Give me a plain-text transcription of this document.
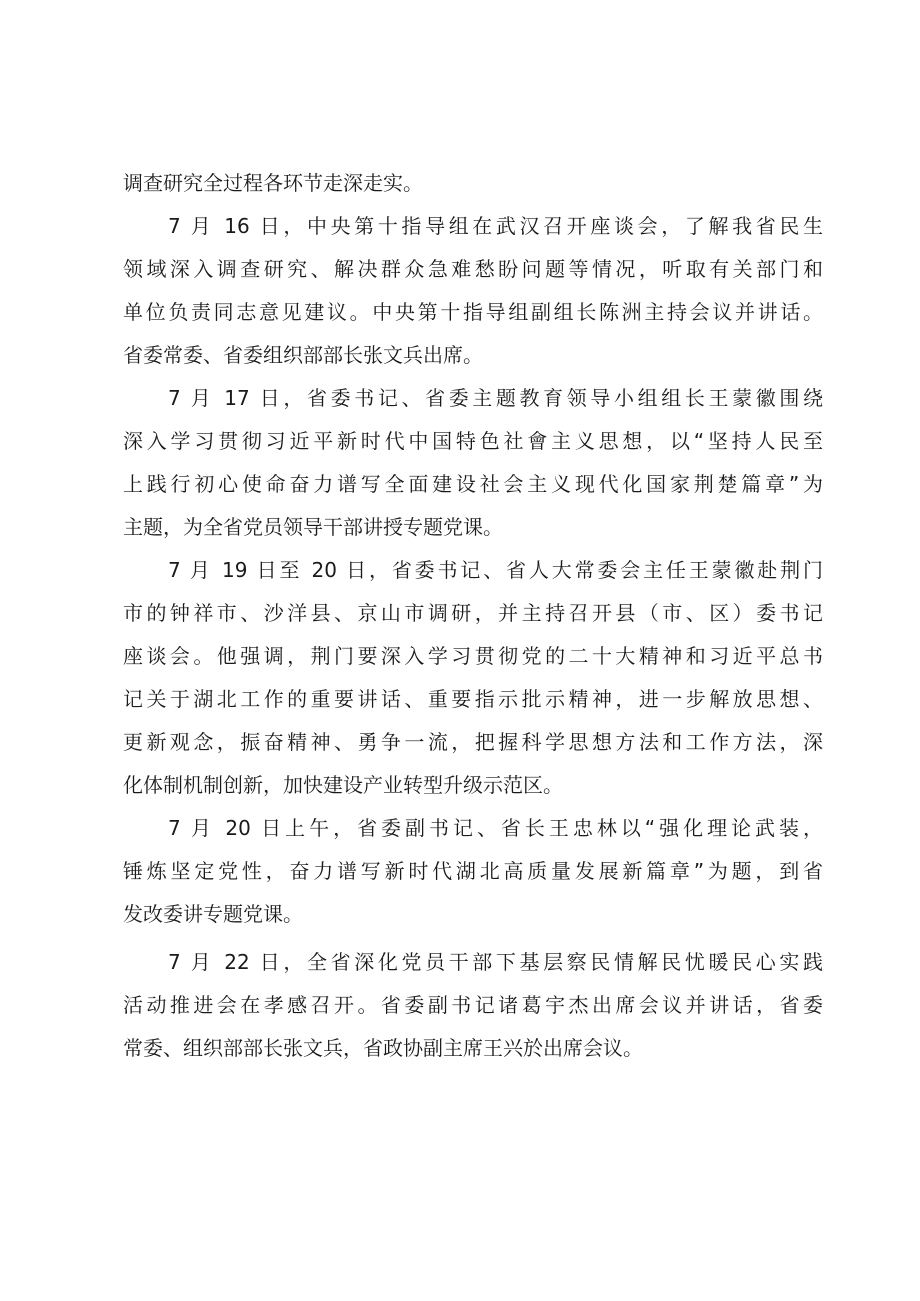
调查研究全过程各环节走深走实。
7 月 16 日，中央第十指导组在武汉召开座谈会，了解我省民生
领域深入调查研究、解决群众急难愁盼问题等情况，听取有关部门和
单位负责同志意见建议。中央第十指导组副组长陈洲主持会议并讲话。
省委常委、省委组织部部长张文兵出席。
7 月 17 日，省委书记、省委主题教育领导小组组长王蒙徽围绕
深入学习贯彻习近平新时代中国特色社會主义思想，以“坚持人民至
上践行初心使命奋力谱写全面建设社会主义现代化国家荆楚篇章”为
主题，为全省党员领导干部讲授专题党课。
7 月 19 日至 20 日，省委书记、省人大常委会主任王蒙徽赴荆门
市的钟祥市、沙洋县、京山市调研，并主持召开县（市、区）委书记
座谈会。他强调，荆门要深入学习贯彻党的二十大精神和习近平总书
记关于湖北工作的重要讲话、重要指示批示精神，进一步解放思想、
更新观念，振奋精神、勇争一流，把握科学思想方法和工作方法，深
化体制机制创新，加快建设产业转型升级示范区。
7 月 20 日上午，省委副书记、省长王忠林以“强化理论武装，
锤炼坚定党性，奋力谱写新时代湖北高质量发展新篇章”为题，到省
发改委讲专题党课。
7 月 22 日，全省深化党员干部下基层察民情解民忧暖民心实践
活动推进会在孝感召开。省委副书记诸葛宇杰出席会议并讲话，省委
常委、组织部部长张文兵，省政协副主席王兴於出席会议。
